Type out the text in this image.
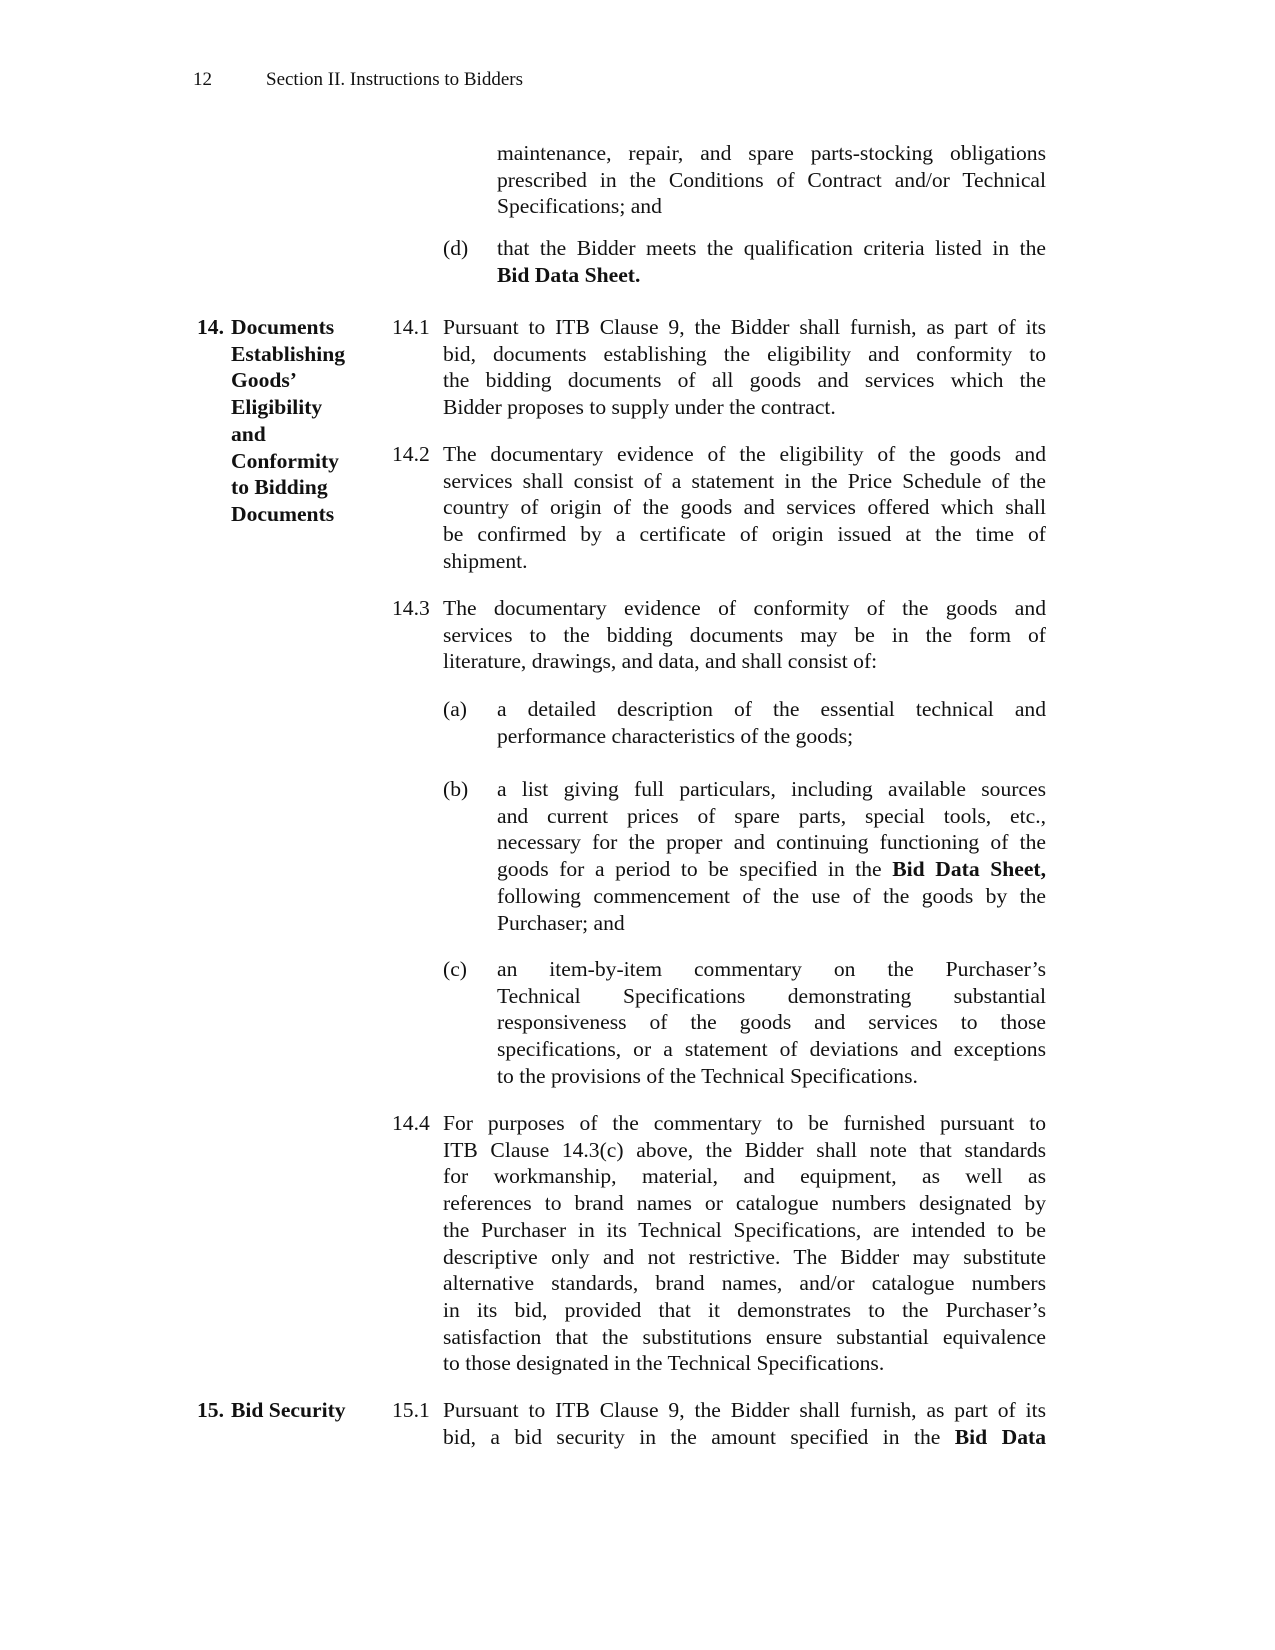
12	Section II. Instructions to Bidders
maintenance, repair, and spare parts-stocking obligations
prescribed in the Conditions of Contract and/or Technical
Specifications; and
(d) that the Bidder meets the qualification criteria listed in the
Bid Data Sheet.
14. Documents
Establishing
Goods’
Eligibility
and
Conformity
to Bidding
Documents
14.1 Pursuant to ITB Clause 9, the Bidder shall furnish, as part of its
bid, documents establishing the eligibility and conformity to
the bidding documents of all goods and services which the
Bidder proposes to supply under the contract.
14.2 The documentary evidence of the eligibility of the goods and
services shall consist of a statement in the Price Schedule of the
country of origin of the goods and services offered which shall
be confirmed by a certificate of origin issued at the time of
shipment.
14.3 The documentary evidence of conformity of the goods and
services to the bidding documents may be in the form of
literature, drawings, and data, and shall consist of:
(a) a detailed description of the essential technical and
performance characteristics of the goods;
(b) a list giving full particulars, including available sources
and current prices of spare parts, special tools, etc.,
necessary for the proper and continuing functioning of the
goods for a period to be specified in the Bid Data Sheet,
following commencement of the use of the goods by the
Purchaser; and
(c) an item-by-item commentary on the Purchaser’s
Technical Specifications demonstrating substantial
responsiveness of the goods and services to those
specifications, or a statement of deviations and exceptions
to the provisions of the Technical Specifications.
14.4 For purposes of the commentary to be furnished pursuant to
ITB Clause 14.3(c) above, the Bidder shall note that standards
for workmanship, material, and equipment, as well as
references to brand names or catalogue numbers designated by
the Purchaser in its Technical Specifications, are intended to be
descriptive only and not restrictive. The Bidder may substitute
alternative standards, brand names, and/or catalogue numbers
in its bid, provided that it demonstrates to the Purchaser’s
satisfaction that the substitutions ensure substantial equivalence
to those designated in the Technical Specifications.
15. Bid Security 15.1 Pursuant to ITB Clause 9, the Bidder shall furnish, as part of its
bid, a bid security in the amount specified in the Bid Data
